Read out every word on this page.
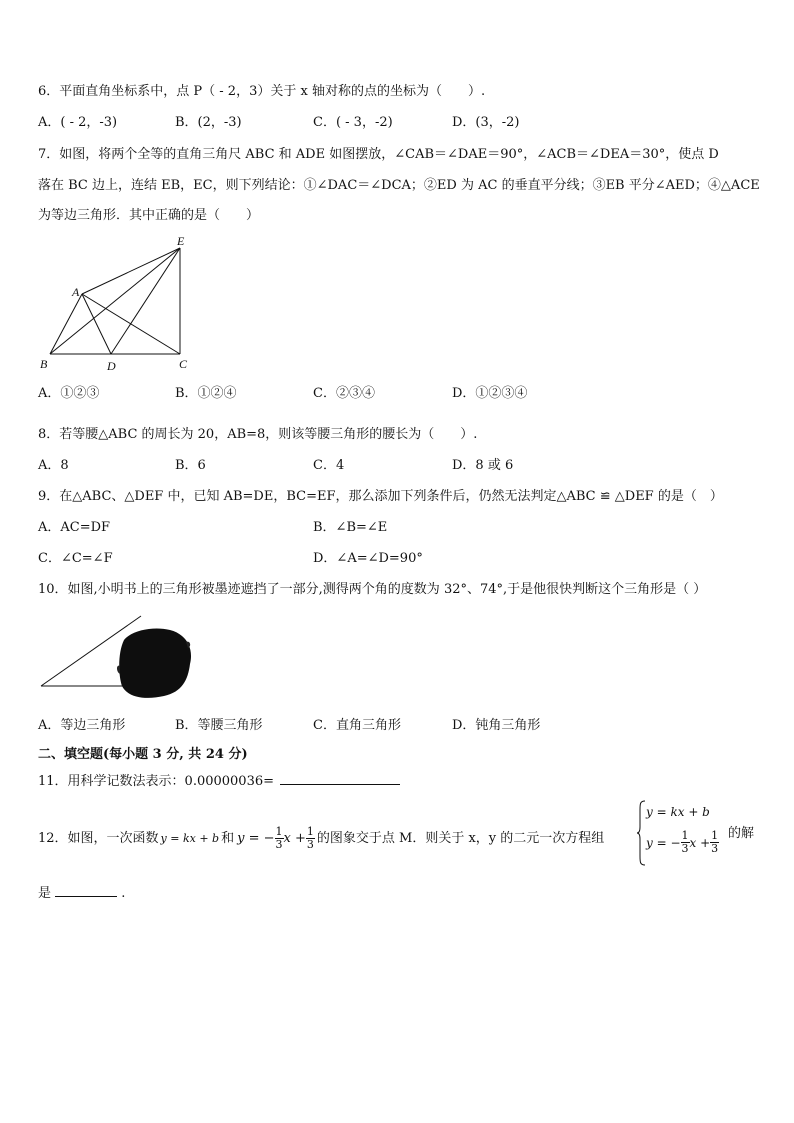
6．平面直角坐标系中，点 P（ - 2，3）关于 x 轴对称的点的坐标为（　　）.
A．( - 2，-3)	B．(2，-3)	C．( - 3，-2)	D．(3，-2)
7．如图，将两个全等的直角三角尺 ABC 和 ADE 如图摆放，∠CAB＝∠DAE＝90°，∠ACB＝∠DEA＝30°，使点 D
落在 BC 边上，连结 EB，EC，则下列结论：①∠DAC＝∠DCA；②ED 为 AC 的垂直平分线；③EB 平分∠AED；④△ACE
为等边三角形．其中正确的是（　　）
E
A
B	D	C
A．①②③	B．①②④	C．②③④	D．①②③④
8．若等腰△ABC 的周长为 20，AB=8，则该等腰三角形的腰长为（　　）.
A．8	B．6	C．4	D．8 或 6
9．在△ABC、△DEF 中，已知 AB=DE，BC=EF，那么添加下列条件后，仍然无法判定△ABC ≌ △DEF 的是（　）
A．AC=DF	B．∠B=∠E
C．∠C=∠F	D．∠A=∠D=90°
10．如图,小明书上的三角形被墨迹遮挡了一部分,测得两个角的度数为 32°、74°,于是他很快判断这个三角形是（ ）
A．等边三角形	B．等腰三角形	C．直角三角形	D．钝角三角形
二、填空题(每小题 3 分, 共 24 分)
11．用科学记数法表示：0.00000036=
12．如图，一次函数 y = kx + b 和 y = − $\frac{1}{3}$ $x + \frac{1}{3}$ 的图象交于点 M．则关于 x，y 的二元一次方程组
y = kx + b
y = − $\frac{1}{3}$ $x + \frac{1}{3}$ 的解
是	.
